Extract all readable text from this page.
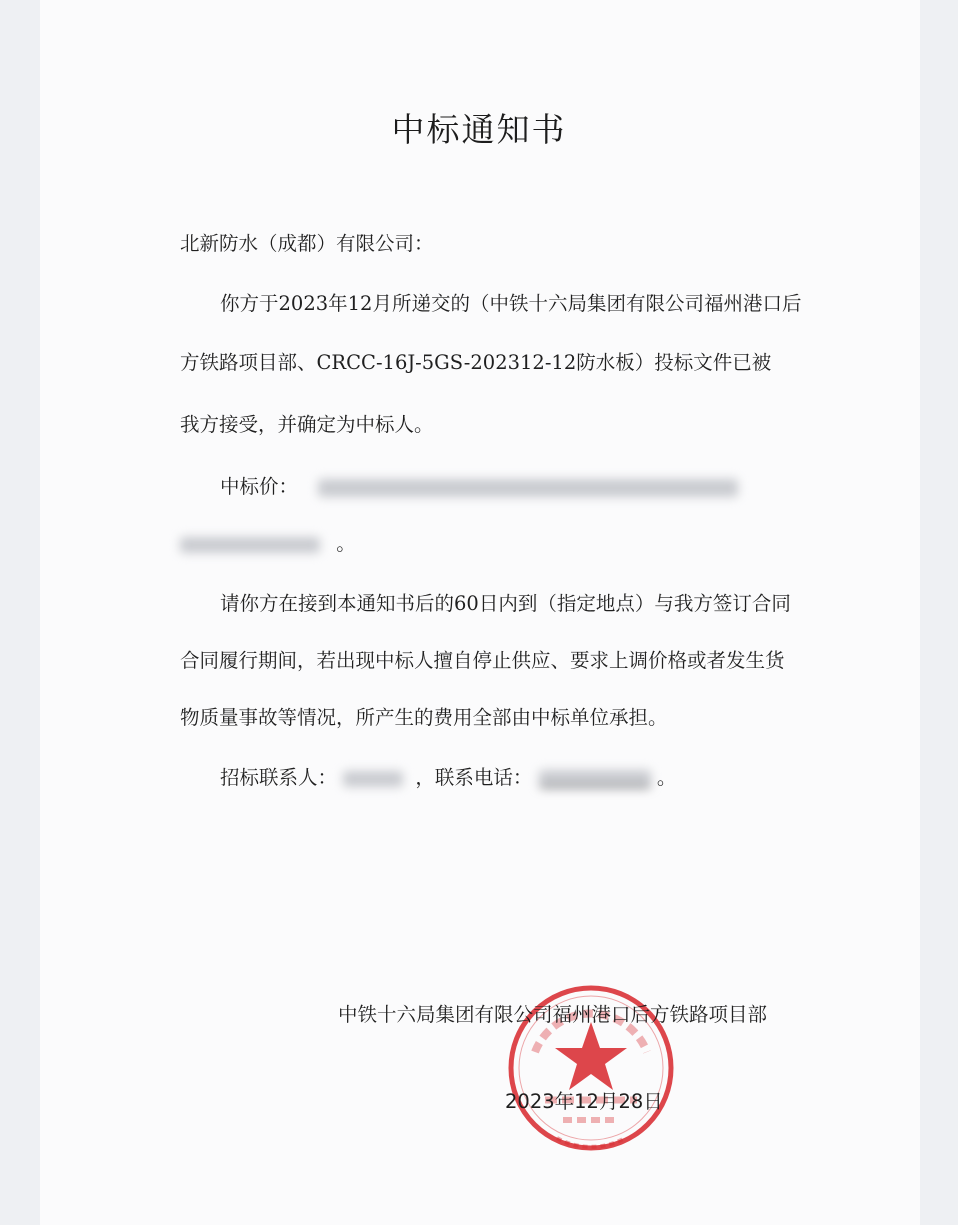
中标通知书
北新防水（成都）有限公司：
你方于2023年12月所递交的（中铁十六局集团有限公司福州港口后
方铁路项目部、CRCC-16J-5GS-202312-12防水板）投标文件已被
我方接受，并确定为中标人。
中标价：
。
请你方在接到本通知书后的60日内到（指定地点）与我方签订合同
合同履行期间，若出现中标人擅自停止供应、要求上调价格或者发生货
物质量事故等情况，所产生的费用全部由中标单位承担。
招标联系人：	，联系电话：	。
中铁十六局集团有限公司福州港口后方铁路项目部
2023年12月28日
